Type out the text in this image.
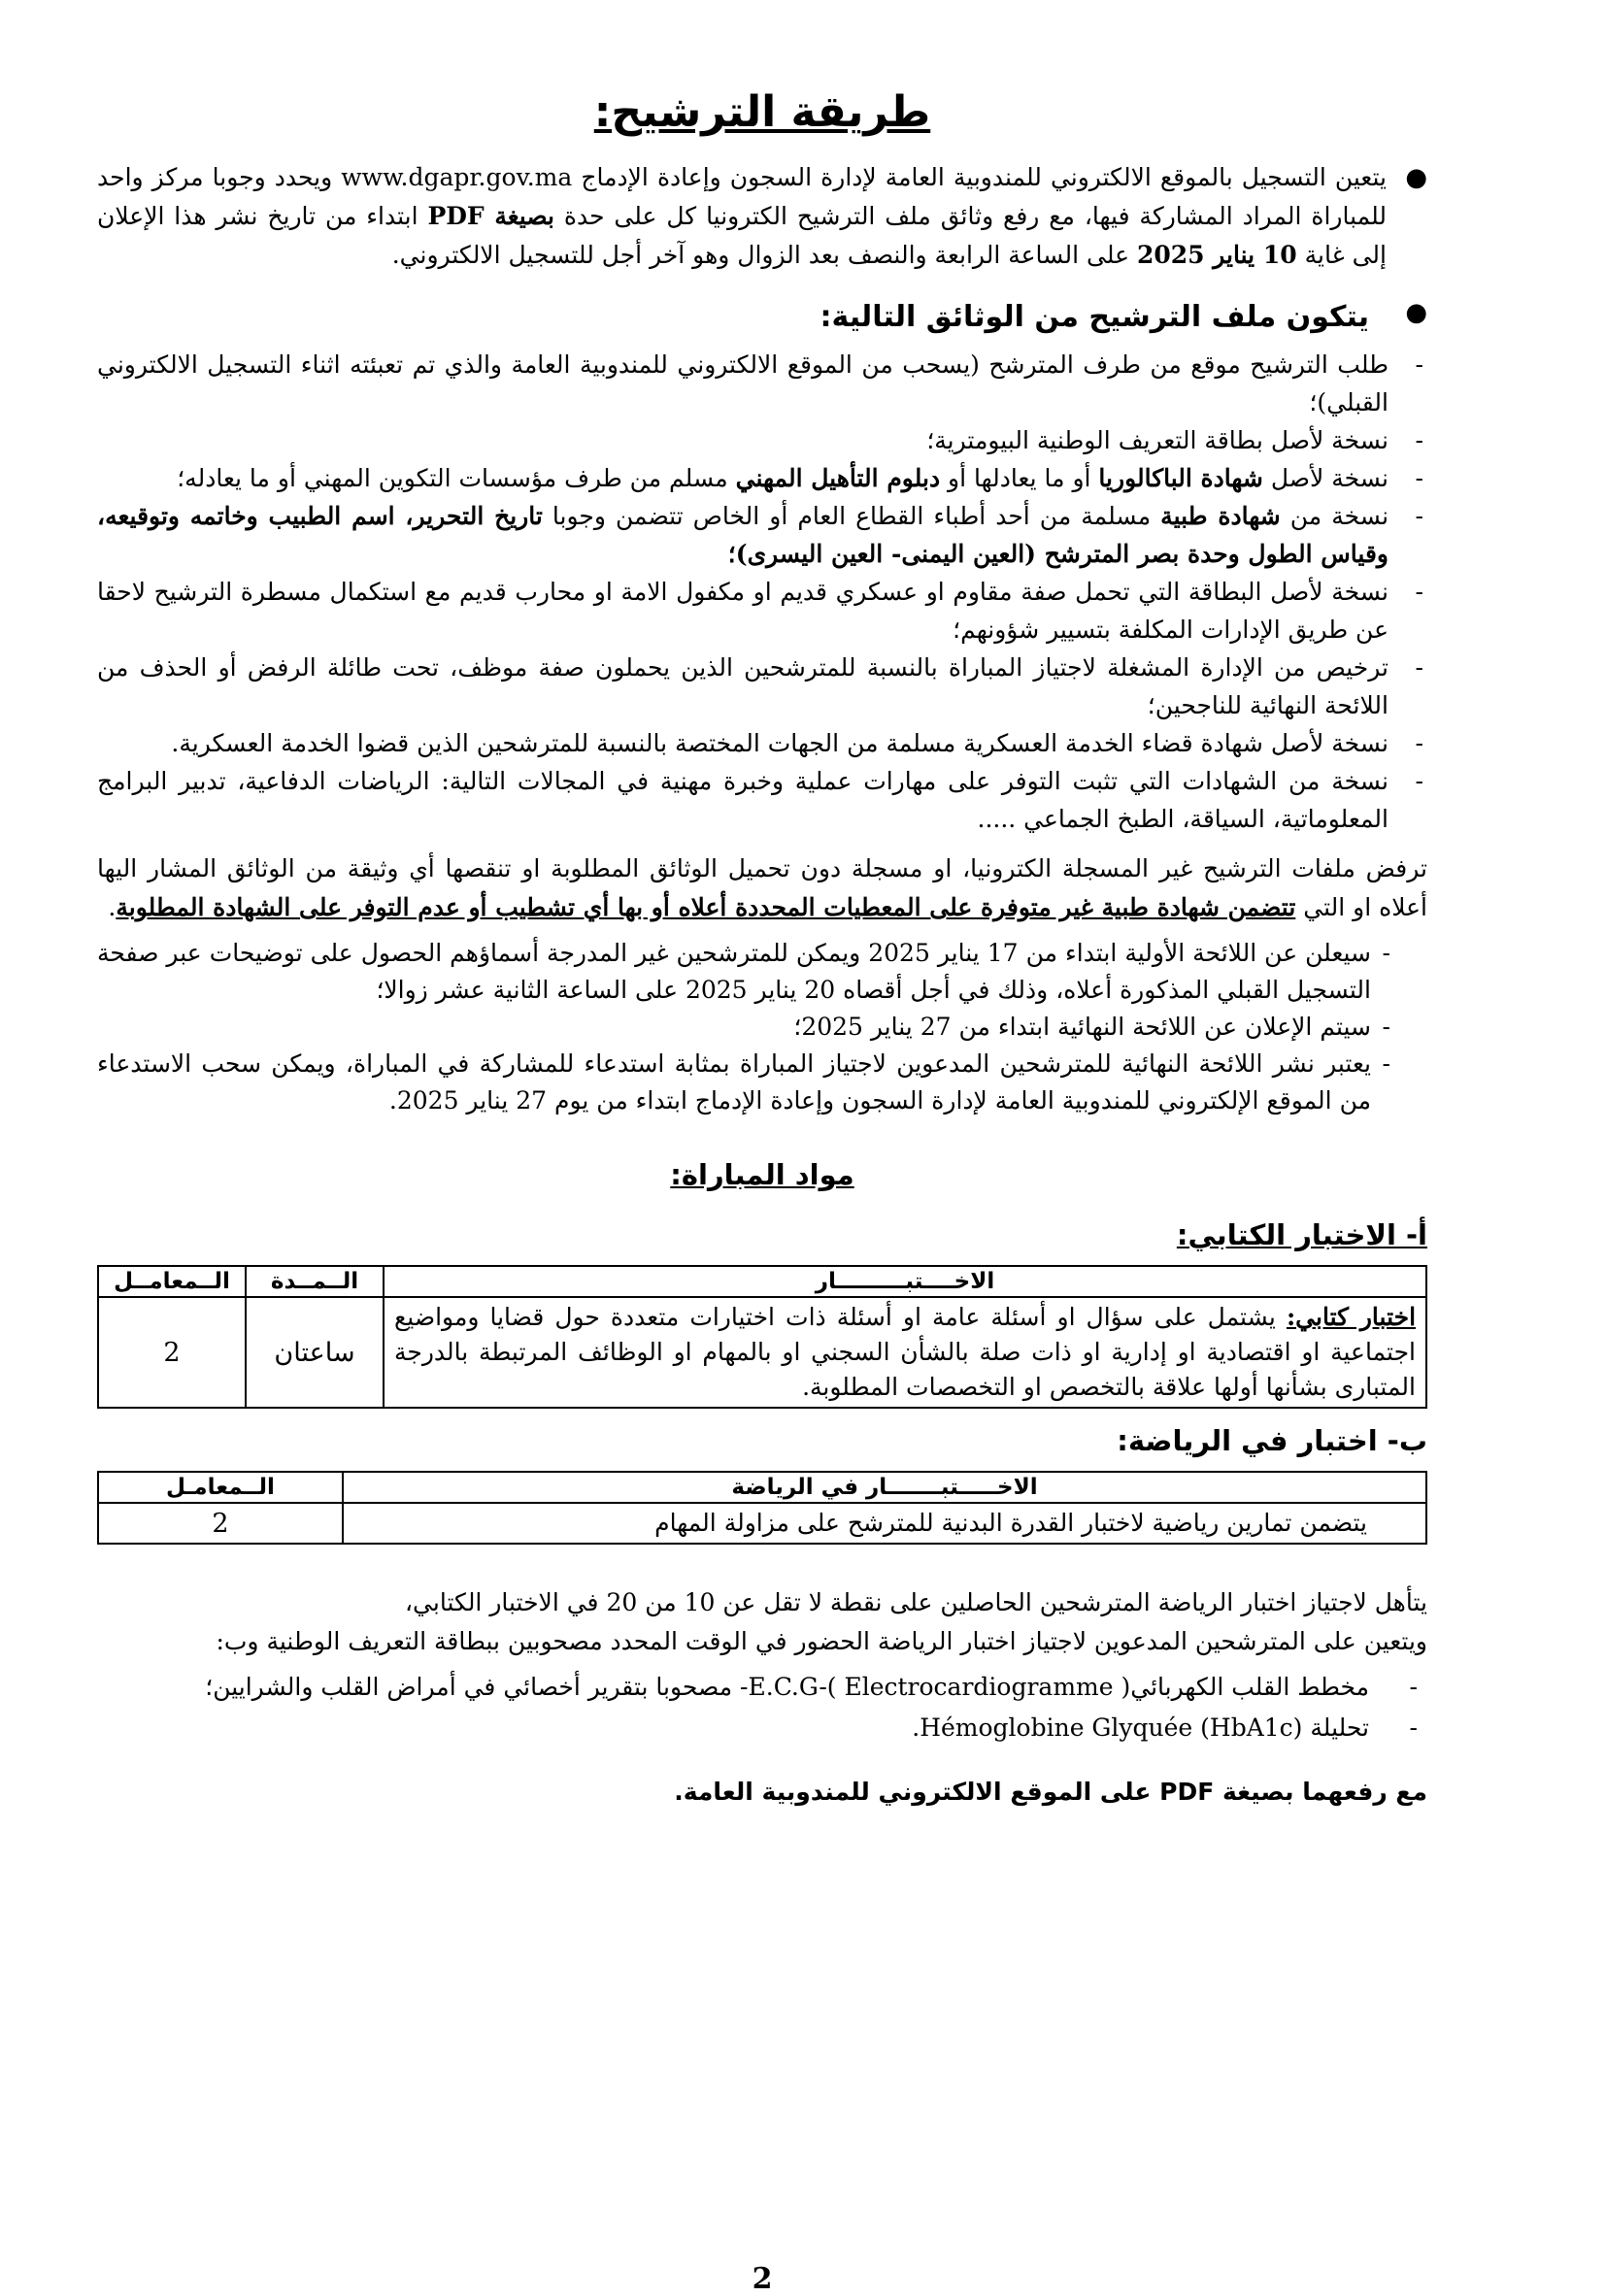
طريقة الترشيح:

●
يتعين التسجيل بالموقع الالكتروني للمندوبية العامة لإدارة السجون وإعادة الإدماج www.dgapr.gov.ma ويحدد وجوبا مركز واحد للمباراة المراد المشاركة فيها، مع رفع وثائق ملف الترشيح الكترونيا كل على حدة بصيغة PDF ابتداء من تاريخ نشر هذا الإعلان إلى غاية 10 يناير 2025 على الساعة الرابعة والنصف بعد الزوال وهو آخر أجل للتسجيل الالكتروني.

●
يتكون ملف الترشيح من الوثائق التالية:
-
طلب الترشيح موقع من طرف المترشح (يسحب من الموقع الالكتروني للمندوبية العامة والذي تم تعبئته اثناء التسجيل الالكتروني القبلي)؛
-
نسخة لأصل بطاقة التعريف الوطنية البيومترية؛
-
نسخة لأصل شهادة الباكالوريا أو ما يعادلها أو دبلوم التأهيل المهني مسلم من طرف مؤسسات التكوين المهني أو ما يعادله؛
-
نسخة من شهادة طبية مسلمة من أحد أطباء القطاع العام أو الخاص تتضمن وجوبا تاريخ التحرير، اسم الطبيب وخاتمه وتوقيعه، وقياس الطول وحدة بصر المترشح (العين اليمنى- العين اليسرى)؛
-
نسخة لأصل البطاقة التي تحمل صفة مقاوم او عسكري قديم او مكفول الامة او محارب قديم مع استكمال مسطرة الترشيح لاحقا عن طريق الإدارات المكلفة بتسيير شؤونهم؛
-
ترخيص من الإدارة المشغلة لاجتياز المباراة بالنسبة للمترشحين الذين يحملون صفة موظف، تحت طائلة الرفض أو الحذف من اللائحة النهائية للناجحين؛
-
نسخة لأصل شهادة قضاء الخدمة العسكرية مسلمة من الجهات المختصة بالنسبة للمترشحين الذين قضوا الخدمة العسكرية.
-
نسخة من الشهادات التي تثبت التوفر على مهارات عملية وخبرة مهنية في المجالات التالية: الرياضات الدفاعية، تدبير البرامج المعلوماتية، السياقة، الطبخ الجماعي .....

ترفض ملفات الترشيح غير المسجلة الكترونيا، او مسجلة دون تحميل الوثائق المطلوبة او تنقصها أي وثيقة من الوثائق المشار اليها أعلاه او التي تتضمن شهادة طبية غير متوفرة على المعطيات المحددة أعلاه أو بها أي تشطيب أو عدم التوفر على الشهادة المطلوبة.

-
سيعلن عن اللائحة الأولية ابتداء من 17 يناير 2025 ويمكن للمترشحين غير المدرجة أسماؤهم الحصول على توضيحات عبر صفحة التسجيل القبلي المذكورة أعلاه، وذلك في أجل أقصاه 20 يناير 2025 على الساعة الثانية عشر زوالا؛
-
سيتم الإعلان عن اللائحة النهائية ابتداء من 27 يناير 2025؛
-
يعتبر نشر اللائحة النهائية للمترشحين المدعوين لاجتياز المباراة بمثابة استدعاء للمشاركة في المباراة، ويمكن سحب الاستدعاء من الموقع الإلكتروني للمندوبية العامة لإدارة السجون وإعادة الإدماج ابتداء من يوم 27 يناير 2025.
مواد المباراة:
أ- الاختبار الكتابي:
الاخــــتبـــــــــار	الــمــدة	الــمعامــل
اختبار كتابي: يشتمل على سؤال او أسئلة عامة او أسئلة ذات اختيارات متعددة حول قضايا ومواضيع اجتماعية او اقتصادية او إدارية او ذات صلة بالشأن السجني او بالمهام او الوظائف المرتبطة بالدرجة المتبارى بشأنها أولها علاقة بالتخصص او التخصصات المطلوبة.	ساعتان	2
ب- اختبار في الرياضة:
الاخـــــتبـــــــار في الرياضة	الــمعامـل
يتضمن تمارين رياضية لاختبار القدرة البدنية للمترشح على مزاولة المهام	2
يتأهل لاجتياز اختبار الرياضة المترشحين الحاصلين على نقطة لا تقل عن 10 من 20 في الاختبار الكتابي،
ويتعين على المترشحين المدعوين لاجتياز اختبار الرياضة الحضور في الوقت المحدد مصحوبين ببطاقة التعريف الوطنية وب:
-
مخطط القلب الكهربائيE.C.G-( Electrocardiogramme )- مصحوبا بتقرير أخصائي في أمراض القلب والشرايين؛
-
تحليلة Hémoglobine Glyquée (HbA1c).
مع رفعهما بصيغة PDF على الموقع الالكتروني للمندوبية العامة.
2
